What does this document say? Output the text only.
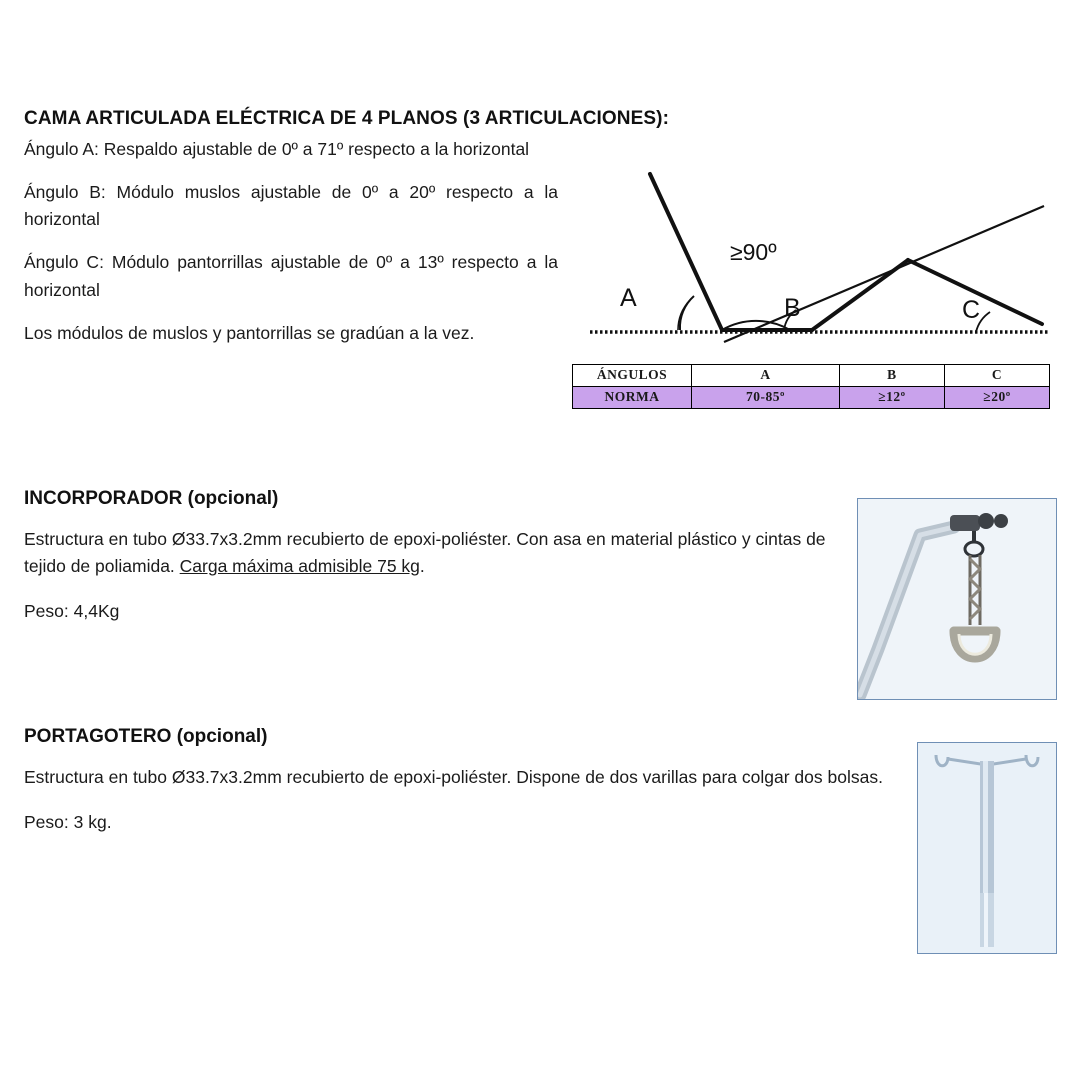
CAMA ARTICULADA ELÉCTRICA DE 4 PLANOS (3 ARTICULACIONES):

Ángulo A: Respaldo ajustable de 0º a 71º respecto a la horizontal

Ángulo B: Módulo muslos ajustable de 0º a 20º respecto a la horizontal

Ángulo C: Módulo pantorrillas ajustable de 0º a 13º respecto a la horizontal

Los módulos de muslos y pantorrillas se gradúan a la vez.

A	B	C
≥90º
ÁNGULOS	A	B	C
NORMA	70-85º	≥12º	≥20º
INCORPORADOR (opcional)

Estructura en tubo Ø33.7x3.2mm recubierto de epoxi-poliéster. Con asa en material plástico y cintas de tejido de poliamida. Carga máxima admisible 75 kg.

Peso: 4,4Kg

PORTAGOTERO (opcional)

Estructura en tubo Ø33.7x3.2mm recubierto de epoxi-poliéster. Dispone de dos varillas para colgar dos bolsas.

Peso: 3 kg.
